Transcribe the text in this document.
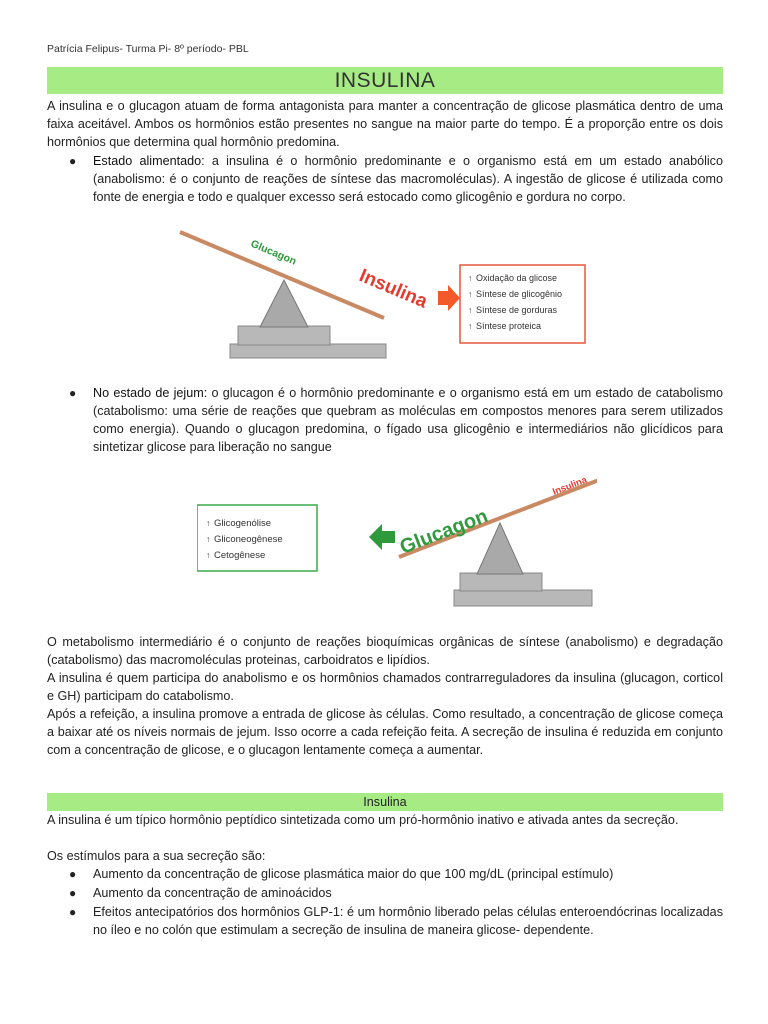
Patrícia Felipus- Turma Pi- 8º período- PBL
INSULINA
A insulina e o glucagon atuam de forma antagonista para manter a concentração de glicose plasmática dentro de uma faixa aceitável. Ambos os hormônios estão presentes no sangue na maior parte do tempo. É a proporção entre os dois hormônios que determina qual hormônio predomina.
● Estado alimentado: a insulina é o hormônio predominante e o organismo está em um estado anabólico (anabolismo: é o conjunto de reações de síntese das macromoléculas). A ingestão de glicose é utilizada como fonte de energia e todo e qualquer excesso será estocado como glicogênio e gordura no corpo.
Glucagon
Insulina	↑ Oxidação da glicose
↑ Síntese de glicogênio
↑ Síntese de gorduras
↑ Síntese proteica
● No estado de jejum: o glucagon é o hormônio predominante e o organismo está em um estado de catabolismo (catabolismo: uma série de reações que quebram as moléculas em compostos menores para serem utilizados como energia). Quando o glucagon predomina, o fígado usa glicogênio e intermediários não glicídicos para sintetizar glicose para liberação no sangue
↑ Glicogenólise
↑ Gliconeogênese
↑ Cetogênese
Insulina
Glucagon
O metabolismo intermediário é o conjunto de reações bioquímicas orgânicas de síntese (anabolismo) e degradação (catabolismo) das macromoléculas proteinas, carboidratos e lipídios.
A insulina é quem participa do anabolismo e os hormônios chamados contrarreguladores da insulina (glucagon, corticol e GH) participam do catabolismo.
Após a refeição, a insulina promove a entrada de glicose às células. Como resultado, a concentração de glicose começa a baixar até os níveis normais de jejum. Isso ocorre a cada refeição feita. A secreção de insulina é reduzida em conjunto com a concentração de glicose, e o glucagon lentamente começa a aumentar.
Insulina
A insulina é um típico hormônio peptídico sintetizada como um pró-hormônio inativo e ativada antes da secreção.
Os estímulos para a sua secreção são:
● Aumento da concentração de glicose plasmática maior do que 100 mg/dL (principal estímulo)
● Aumento da concentração de aminoácidos
● Efeitos antecipatórios dos hormônios GLP-1: é um hormônio liberado pelas células enteroendócrinas localizadas no íleo e no colón que estimulam a secreção de insulina de maneira glicose- dependente.
